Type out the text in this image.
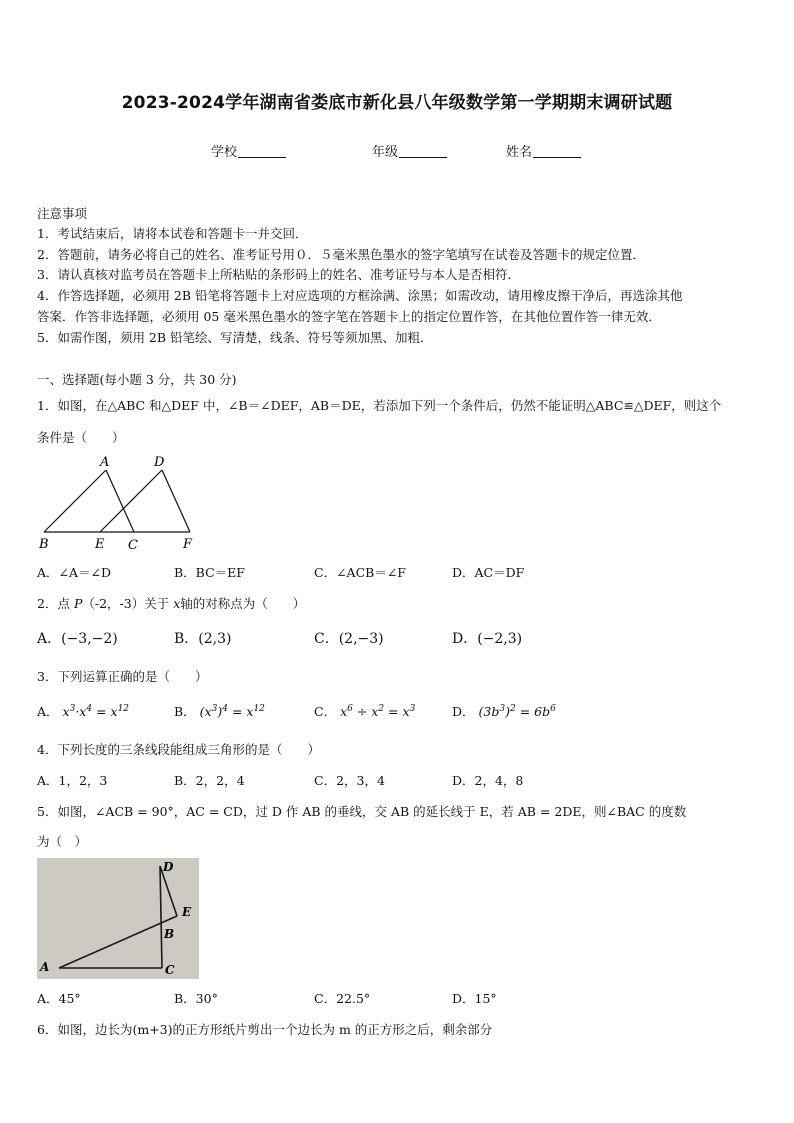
2023-2024学年湖南省娄底市新化县八年级数学第一学期期末调研试题
学校	年级	姓名
注意事项
1．考试结束后，请将本试卷和答题卡一并交回．
2．答题前，请务必将自己的姓名、准考证号用０．５毫米黑色墨水的签字笔填写在试卷及答题卡的规定位置．
3．请认真核对监考员在答题卡上所粘贴的条形码上的姓名、准考证号与本人是否相符．
4．作答选择题，必须用 2B 铅笔将答题卡上对应选项的方框涂满、涂黑；如需改动，请用橡皮擦干净后，再选涂其他
答案．作答非选择题，必须用 05 毫米黑色墨水的签字笔在答题卡上的指定位置作答，在其他位置作答一律无效．
5．如需作图，须用 2B 铅笔绘、写清楚，线条、符号等须加黑、加粗．
一、选择题(每小题 3 分，共 30 分)
1．如图，在△ABC 和△DEF 中，∠B＝∠DEF，AB＝DE，若添加下列一个条件后，仍然不能证明△ABC≌△DEF，则这个
条件是（　　）
A	D
B	E C	F
A．∠A＝∠D	B．BC＝EF	C．∠ACB＝∠F	D．AC＝DF
2．点 P（-2，-3）关于 x轴的对称点为（　　）
A．(−3,−2)	B．(2,3)	C．(2,−3)	D．(−2,3)
3．下列运算正确的是（　　）
A． $x^3\cdot x^4 = x^{12}$	B． $(x^3)^4 = x^{12}$	C． $x^6 \div x^2 = x^3$	D． $(3b^3)^2 = 6b^6$
4．下列长度的三条线段能组成三角形的是（　　）
A．1，2，3	B．2，2，4	C．2，3，4	D．2，4，8
5．如图，∠ACB = 90°，AC = CD，过 D 作 AB 的垂线，交 AB 的延长线于 E，若 AB = 2DE，则∠BAC 的度数
为（　）
D
E
B
A	C
A．45°	B．30°	C．22.5°	D．15°
6．如图，边长为(m+3)的正方形纸片剪出一个边长为 m 的正方形之后，剩余部分
